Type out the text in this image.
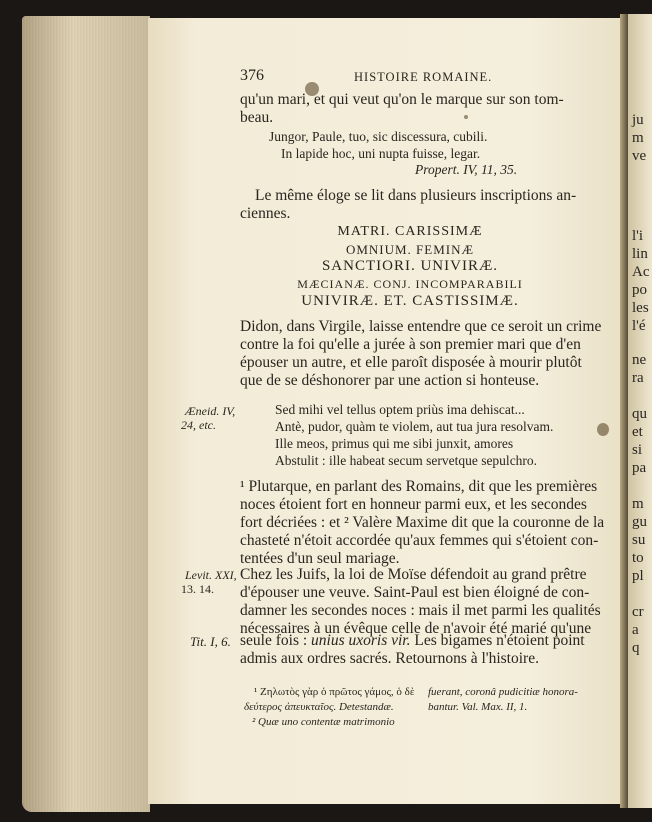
ju
m
ve
l'i
lin
Ac
po
les
l'é
ne
ra
qu
et
si
pa
m
gu
su
to
pl
cr
a
q
376	HISTOIRE ROMAINE.
qu'un mari, et qui veut qu'on le marque sur son tom-
beau.
Jungor, Paule, tuo, sic discessura, cubili.
In lapide hoc, uni nupta fuisse, legar.
Propert. IV, 11, 35.
Le même éloge se lit dans plusieurs inscriptions an-
ciennes.
MATRI. CARISSIMÆ
OMNIUM. FEMINÆ
SANCTIORI. UNIVIRÆ.
MÆCIANÆ. CONJ. INCOMPARABILI
UNIVIRÆ. ET. CASTISSIMÆ.
Didon, dans Virgile, laisse entendre que ce seroit un crime
contre la foi qu'elle a jurée à son premier mari que d'en
épouser un autre, et elle paroît disposée à mourir plutôt
que de se déshonorer par une action si honteuse.
Æneid. IV,
24, etc.
Sed mihi vel tellus optem priùs ima dehiscat...
Antè, pudor, quàm te violem, aut tua jura resolvam.
Ille meos, primus qui me sibi junxit, amores
Abstulit : ille habeat secum servetque sepulchro.
¹ Plutarque, en parlant des Romains, dit que les premières
noces étoient fort en honneur parmi eux, et les secondes
fort décriées : et ² Valère Maxime dit que la couronne de la
chasteté n'étoit accordée qu'aux femmes qui s'étoient con-
tentées d'un seul mariage.
Levit. XXI,
13. 14.
Chez les Juifs, la loi de Moïse défendoit au grand prêtre
d'épouser une veuve. Saint-Paul est bien éloigné de con-
damner les secondes noces : mais il met parmi les qualités
nécessaires à un évêque celle de n'avoir été marié qu'une
Tit. I, 6. seule fois : unius uxoris vir. Les bigames n'étoient point
admis aux ordres sacrés. Retournons à l'histoire.
¹ Ζηλωτὸς γὰρ ὁ πρῶτος γάμος, ὁ δὲ
δεύτερος ἀπευκταῖος. Detestandæ.
² Quæ uno contentæ matrimonio
fuerant, coronâ pudicitiæ honora-
bantur. Val. Max. II, 1.
